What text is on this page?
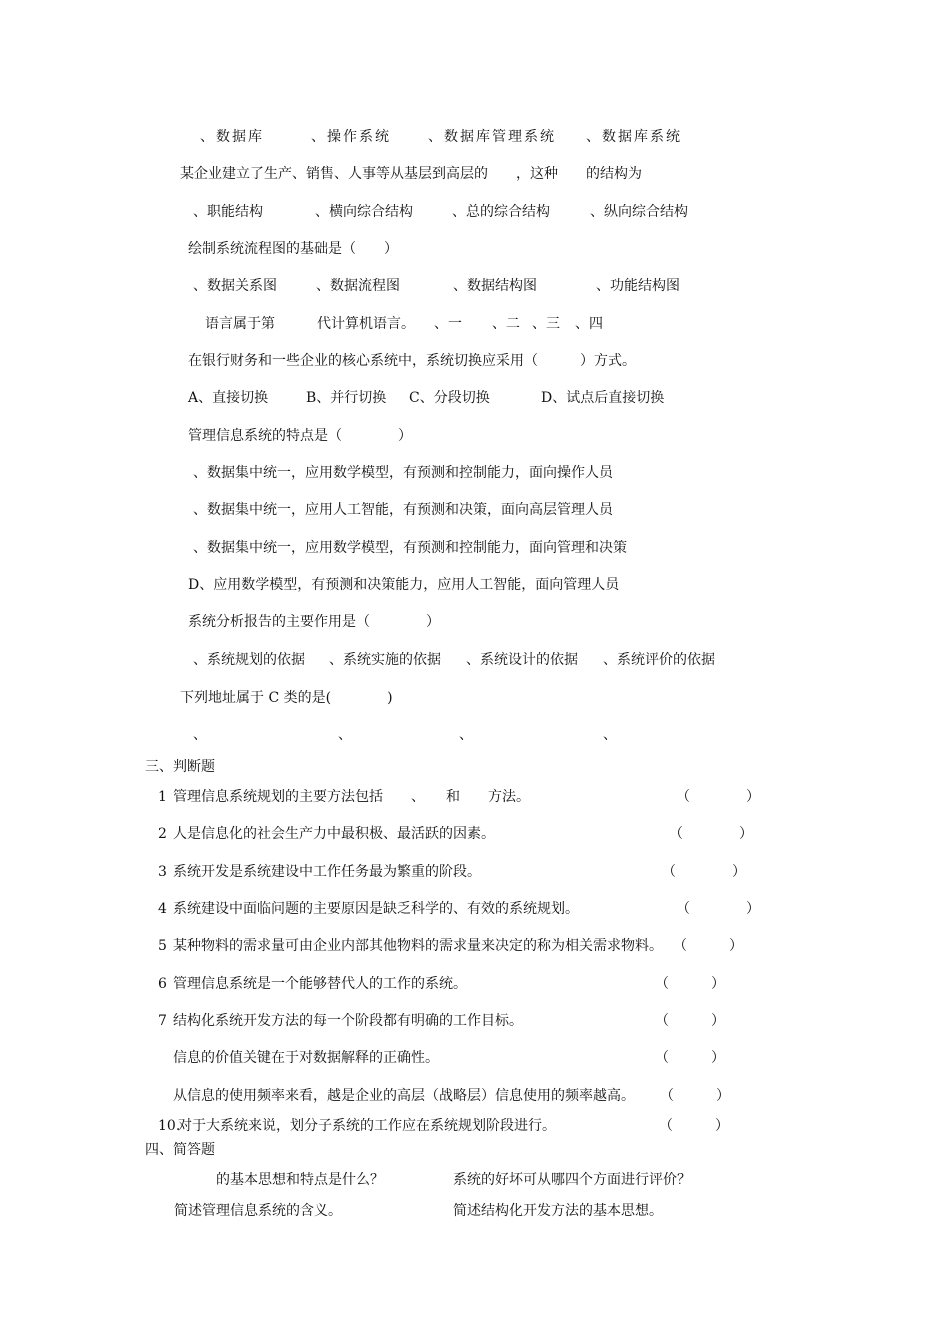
、数据库	、操作系统	、数据库管理系统 、数据库系统
某企业建立了生产、销售、人事等从基层到高层的　　，这种　　的结构为
、职能结构	、横向综合结构	、总的综合结构	、纵向综合结构
绘制系统流程图的基础是（　　）
、数据关系图	、数据流程图	、数据结构图	、功能结构图
语言属于第　　　代计算机语言。 、一 、二 、三 、四
在银行财务和一些企业的核心系统中，系统切换应采用（　　　）方式。
A、直接切换	B、并行切换 C、分段切换	D、试点后直接切换
管理信息系统的特点是（　　　　）
、数据集中统一，应用数学模型，有预测和控制能力，面向操作人员
、数据集中统一，应用人工智能，有预测和决策，面向高层管理人员
、数据集中统一，应用数学模型，有预测和控制能力，面向管理和决策
D、应用数学模型，有预测和决策能力，应用人工智能，面向管理人员
系统分析报告的主要作用是（　　　　）
、系统规划的依据 、系统实施的依据 、系统设计的依据 、系统评价的依据
下列地址属于 C 类的是(　　　　)
、	、	、	、
三、判断题
1 管理信息系统规划的主要方法包括　　、　　和　　方法。	（　　　　）
2 人是信息化的社会生产力中最积极、最活跃的因素。	（　　　　）
3 系统开发是系统建设中工作任务最为繁重的阶段。	（　　　　）
4 系统建设中面临问题的主要原因是缺乏科学的、有效的系统规划。	（　　　　）
5 某种物料的需求量可由企业内部其他物料的需求量来决定的称为相关需求物料。 （　　　）
6 管理信息系统是一个能够替代人的工作的系统。	（　　　）
7 结构化系统开发方法的每一个阶段都有明确的工作目标。	（　　　）
信息的价值关键在于对数据解释的正确性。	（　　　）
从信息的使用频率来看，越是企业的高层（战略层）信息使用的频率越高。 （　　　）
10.
对于大系统来说，划分子系统的工作应在系统规划阶段进行。	（　　　）
四、简答题
的基本思想和特点是什么？	系统的好坏可从哪四个方面进行评价？
简述管理信息系统的含义。	简述结构化开发方法的基本思想。
